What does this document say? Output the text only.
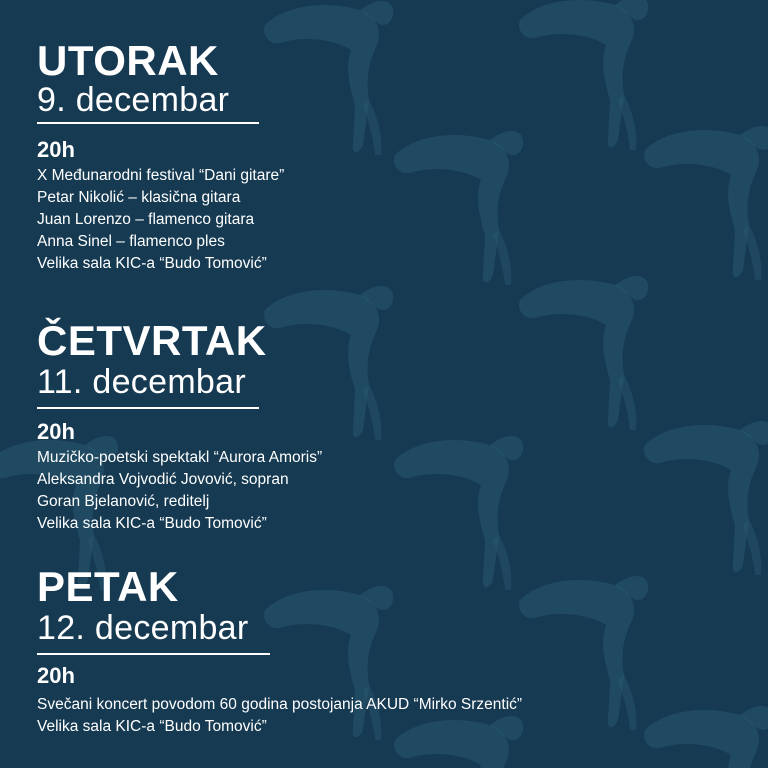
UTORAK
9. decembar
20h
X Međunarodni festival “Dani gitare”
Petar Nikolić – klasična gitara
Juan Lorenzo – flamenco gitara
Anna Sinel – flamenco ples
Velika sala KIC-a “Budo Tomović”
ČETVRTAK
11. decembar
20h
Muzičko-poetski spektakl “Aurora Amoris”
Aleksandra Vojvodić Jovović, sopran
Goran Bjelanović, reditelj
Velika sala KIC-a “Budo Tomović”
PETAK
12. decembar
20h
Svečani koncert povodom 60 godina postojanja AKUD “Mirko Srzentić”
Velika sala KIC-a “Budo Tomović”
